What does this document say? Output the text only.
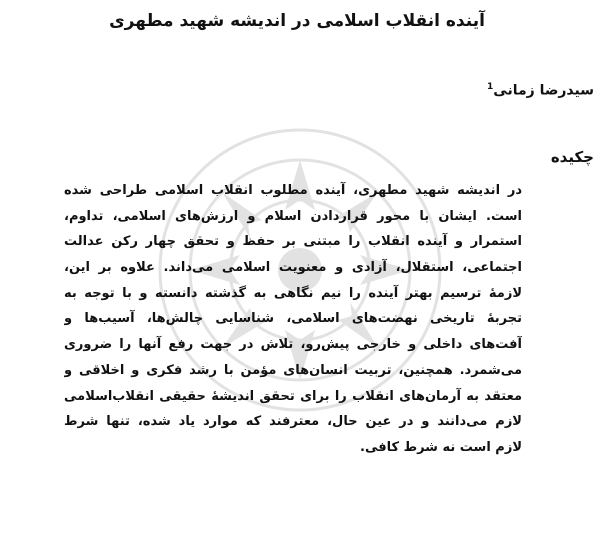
آینده انقلاب اسلامی در اندیشه شهید مطهری
سیدرضا زمانی$^1$
چکیده
در اندیشه شهید مطهری، آینده مطلوب انقلاب اسلامی طراحی شده
است. ایشان با محور قراردادن اسلام و ارزش‌های اسلامی، تداوم،
استمرار و آینده انقلاب را مبتنی بر حفظ و تحقق چهار رکن عدالت
اجتماعی، استقلال، آزادی و معنویت اسلامی می‌داند. علاوه بر این،
لازمهٔ ترسیم بهتر آینده را نیم نگاهی به گذشته دانسته و با توجه به
تجربهٔ تاریخی نهضت‌های اسلامی، شناسایی چالش‌ها، آسیب‌ها و
آفت‌های داخلی و خارجی پیش‌رو، تلاش در جهت رفع آنها را ضروری
می‌شمرد. همچنین، تربیت انسان‌های مؤمن با رشد فکری و اخلاقی و
معتقد به آرمان‌های انقلاب را برای تحقق اندیشهٔ حقیقی انقلاب‌اسلامی
لازم می‌دانند و در عین حال، معترفند که موارد یاد شده، تنها شرط
لازم است نه شرط کافی.
